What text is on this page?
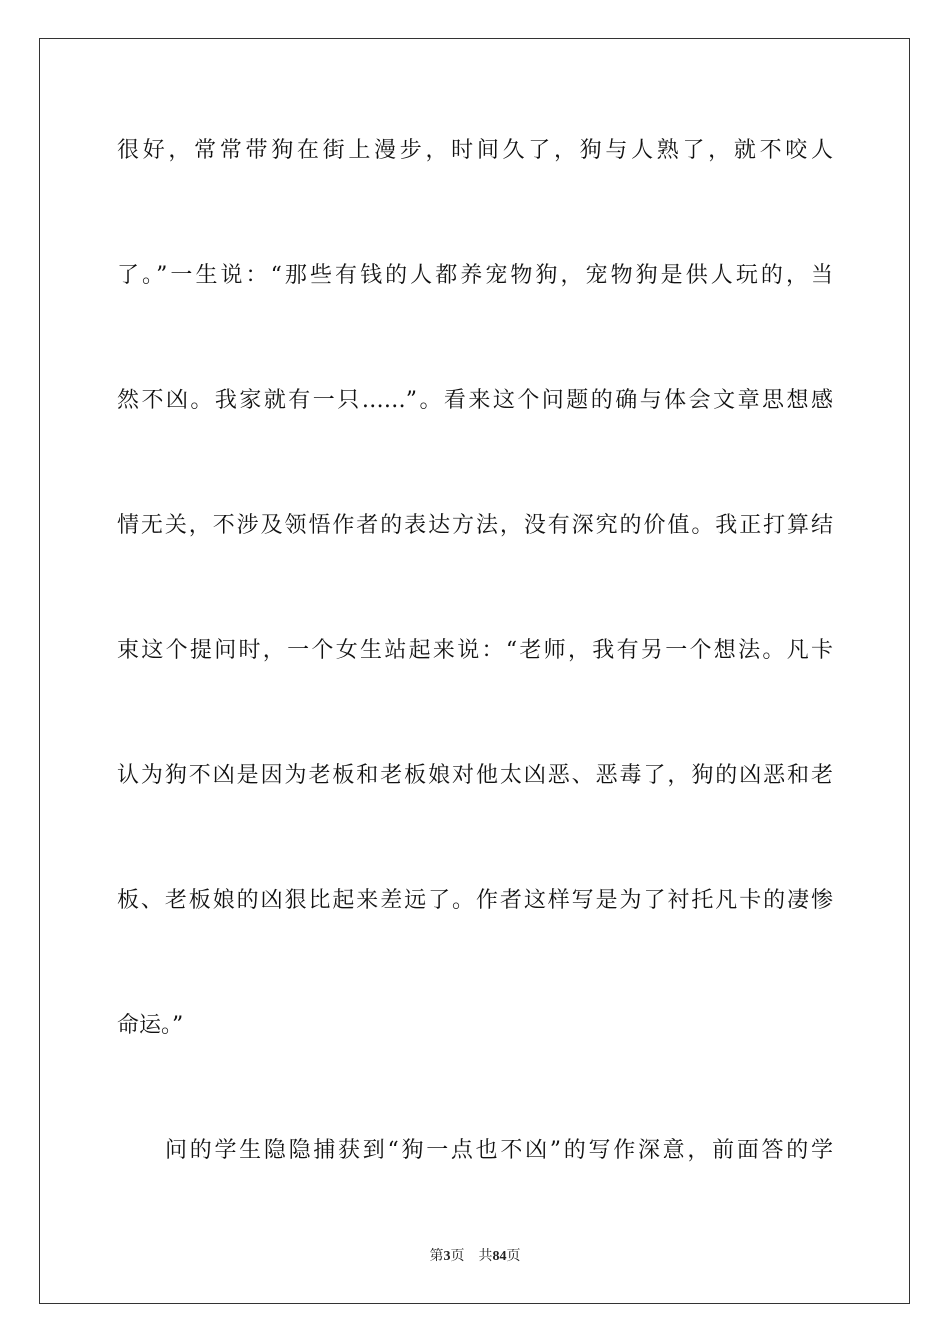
很好，常常带狗在街上漫步，时间久了，狗与人熟了，就不咬人
了。”一生说：“那些有钱的人都养宠物狗，宠物狗是供人玩的，当
然不凶。我家就有一只……”。看来这个问题的确与体会文章思想感
情无关，不涉及领悟作者的表达方法，没有深究的价值。我正打算结
束这个提问时，一个女生站起来说：“老师，我有另一个想法。凡卡
认为狗不凶是因为老板和老板娘对他太凶恶、恶毒了，狗的凶恶和老
板、老板娘的凶狠比起来差远了。作者这样写是为了衬托凡卡的凄惨
命运。”
问的学生隐隐捕获到“狗一点也不凶”的写作深意，前面答的学
第3页 共84页
